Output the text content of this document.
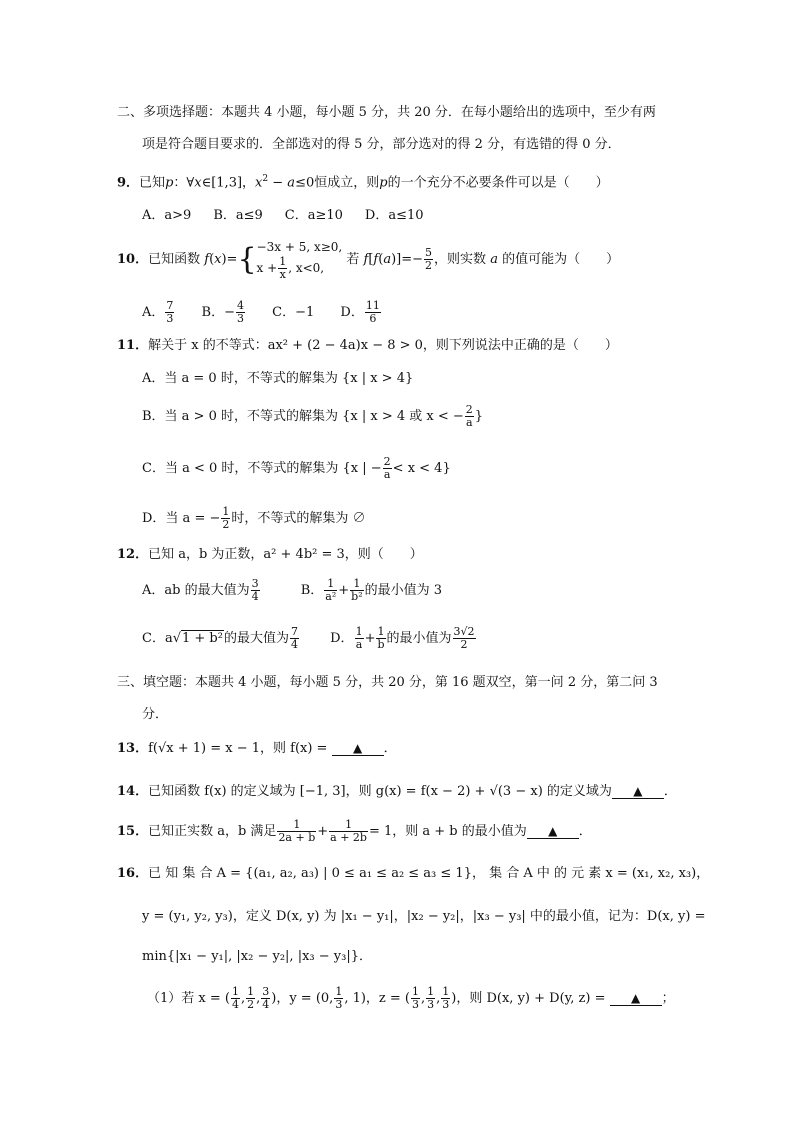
二、多项选择题：本题共 4 小题，每小题 5 分，共 20 分．在每小题给出的选项中，至少有两
项是符合题目要求的．全部选对的得 5 分，部分选对的得 2 分，有选错的得 0 分．
9．已知p：∀x∈[1,3]，$x^2 - a\le 0$恒成立，则p的一个充分不必要条件可以是（　　）
A．a>9 B．a≤9 C．a≥10 D．a≤10
10．已知函数 f(x)={ −3x + 5, x≥0,
$x + \frac{1}{x}$ , x<0,
若 $f[f(a)]=- \frac{5}{2}$ ，则实数 a 的值可能为（　　）
A． $\frac{7}{3}$ B．− $\frac{4}{3}$ C．−1 D． $\frac{11}{6}$
11．解关于 x 的不等式：ax² + (2 − 4a)x − 8 > 0，则下列说法中正确的是（　　）
A．当 a = 0 时，不等式的解集为 {x | x > 4}
B．当 a > 0 时，不等式的解集为 {x | x > 4 或 x < − $\frac{2}{a}$ }
C．当 a < 0 时，不等式的解集为 {x | − $\frac{2}{a} < x < 4$}
D．当 a = − $\frac{1}{2}$ 时，不等式的解集为 ∅
12．已知 a，b 为正数，a² + 4b² = 3，则（　　）
A．ab 的最大值为 $\frac{3}{4}$	B． $\frac{1}{\text{a²}} + \frac{1}{\text{b²}}$ 的最小值为 3
C．a√1 + b²的最大值为 $\frac{7}{4}$ D． $\frac{1}{a} + \frac{1}{b}$ 的最小值为 $\frac{3√2}{2}$
三、填空题：本题共 4 小题，每小题 5 分，共 20 分，第 16 题双空，第一问 2 分，第二问 3
分．
13．f(√x + 1) = x − 1，则 f(x) = ▲ ．
14．已知函数 f(x) 的定义域为 [−1, 3]，则 g(x) = f(x − 2) + √(3 − x) 的定义域为 ▲ ．
15．已知正实数 a，b 满足 $\frac{1}{2a + b} + \frac{1}{a + 2b} = 1$，则 a + b 的最小值为 ▲ ．
16．已 知 集 合 A = {(a₁, a₂, a₃) | 0 ≤ a₁ ≤ a₂ ≤ a₃ ≤ 1}， 集 合 A 中 的 元 素 x = (x₁, x₂, x₃)，
y = (y₁, y₂, y₃)，定义 D(x, y) 为 |x₁ − y₁|，|x₂ − y₂|，|x₃ − y₃| 中的最小值，记为：D(x, y) =
min{|x₁ − y₁|, |x₂ − y₂|, |x₃ − y₃|}．
（1）若 x = ( $\frac{1}{4}$ , $\frac{1}{2}$ , $\frac{3}{4}$ )，y = (0, $\frac{1}{3}$ , 1)，z = ( $\frac{1}{3}$ , $\frac{1}{3}$ , $\frac{1}{3}$ )，则 D(x, y) + D(y, z) = ▲ ；
